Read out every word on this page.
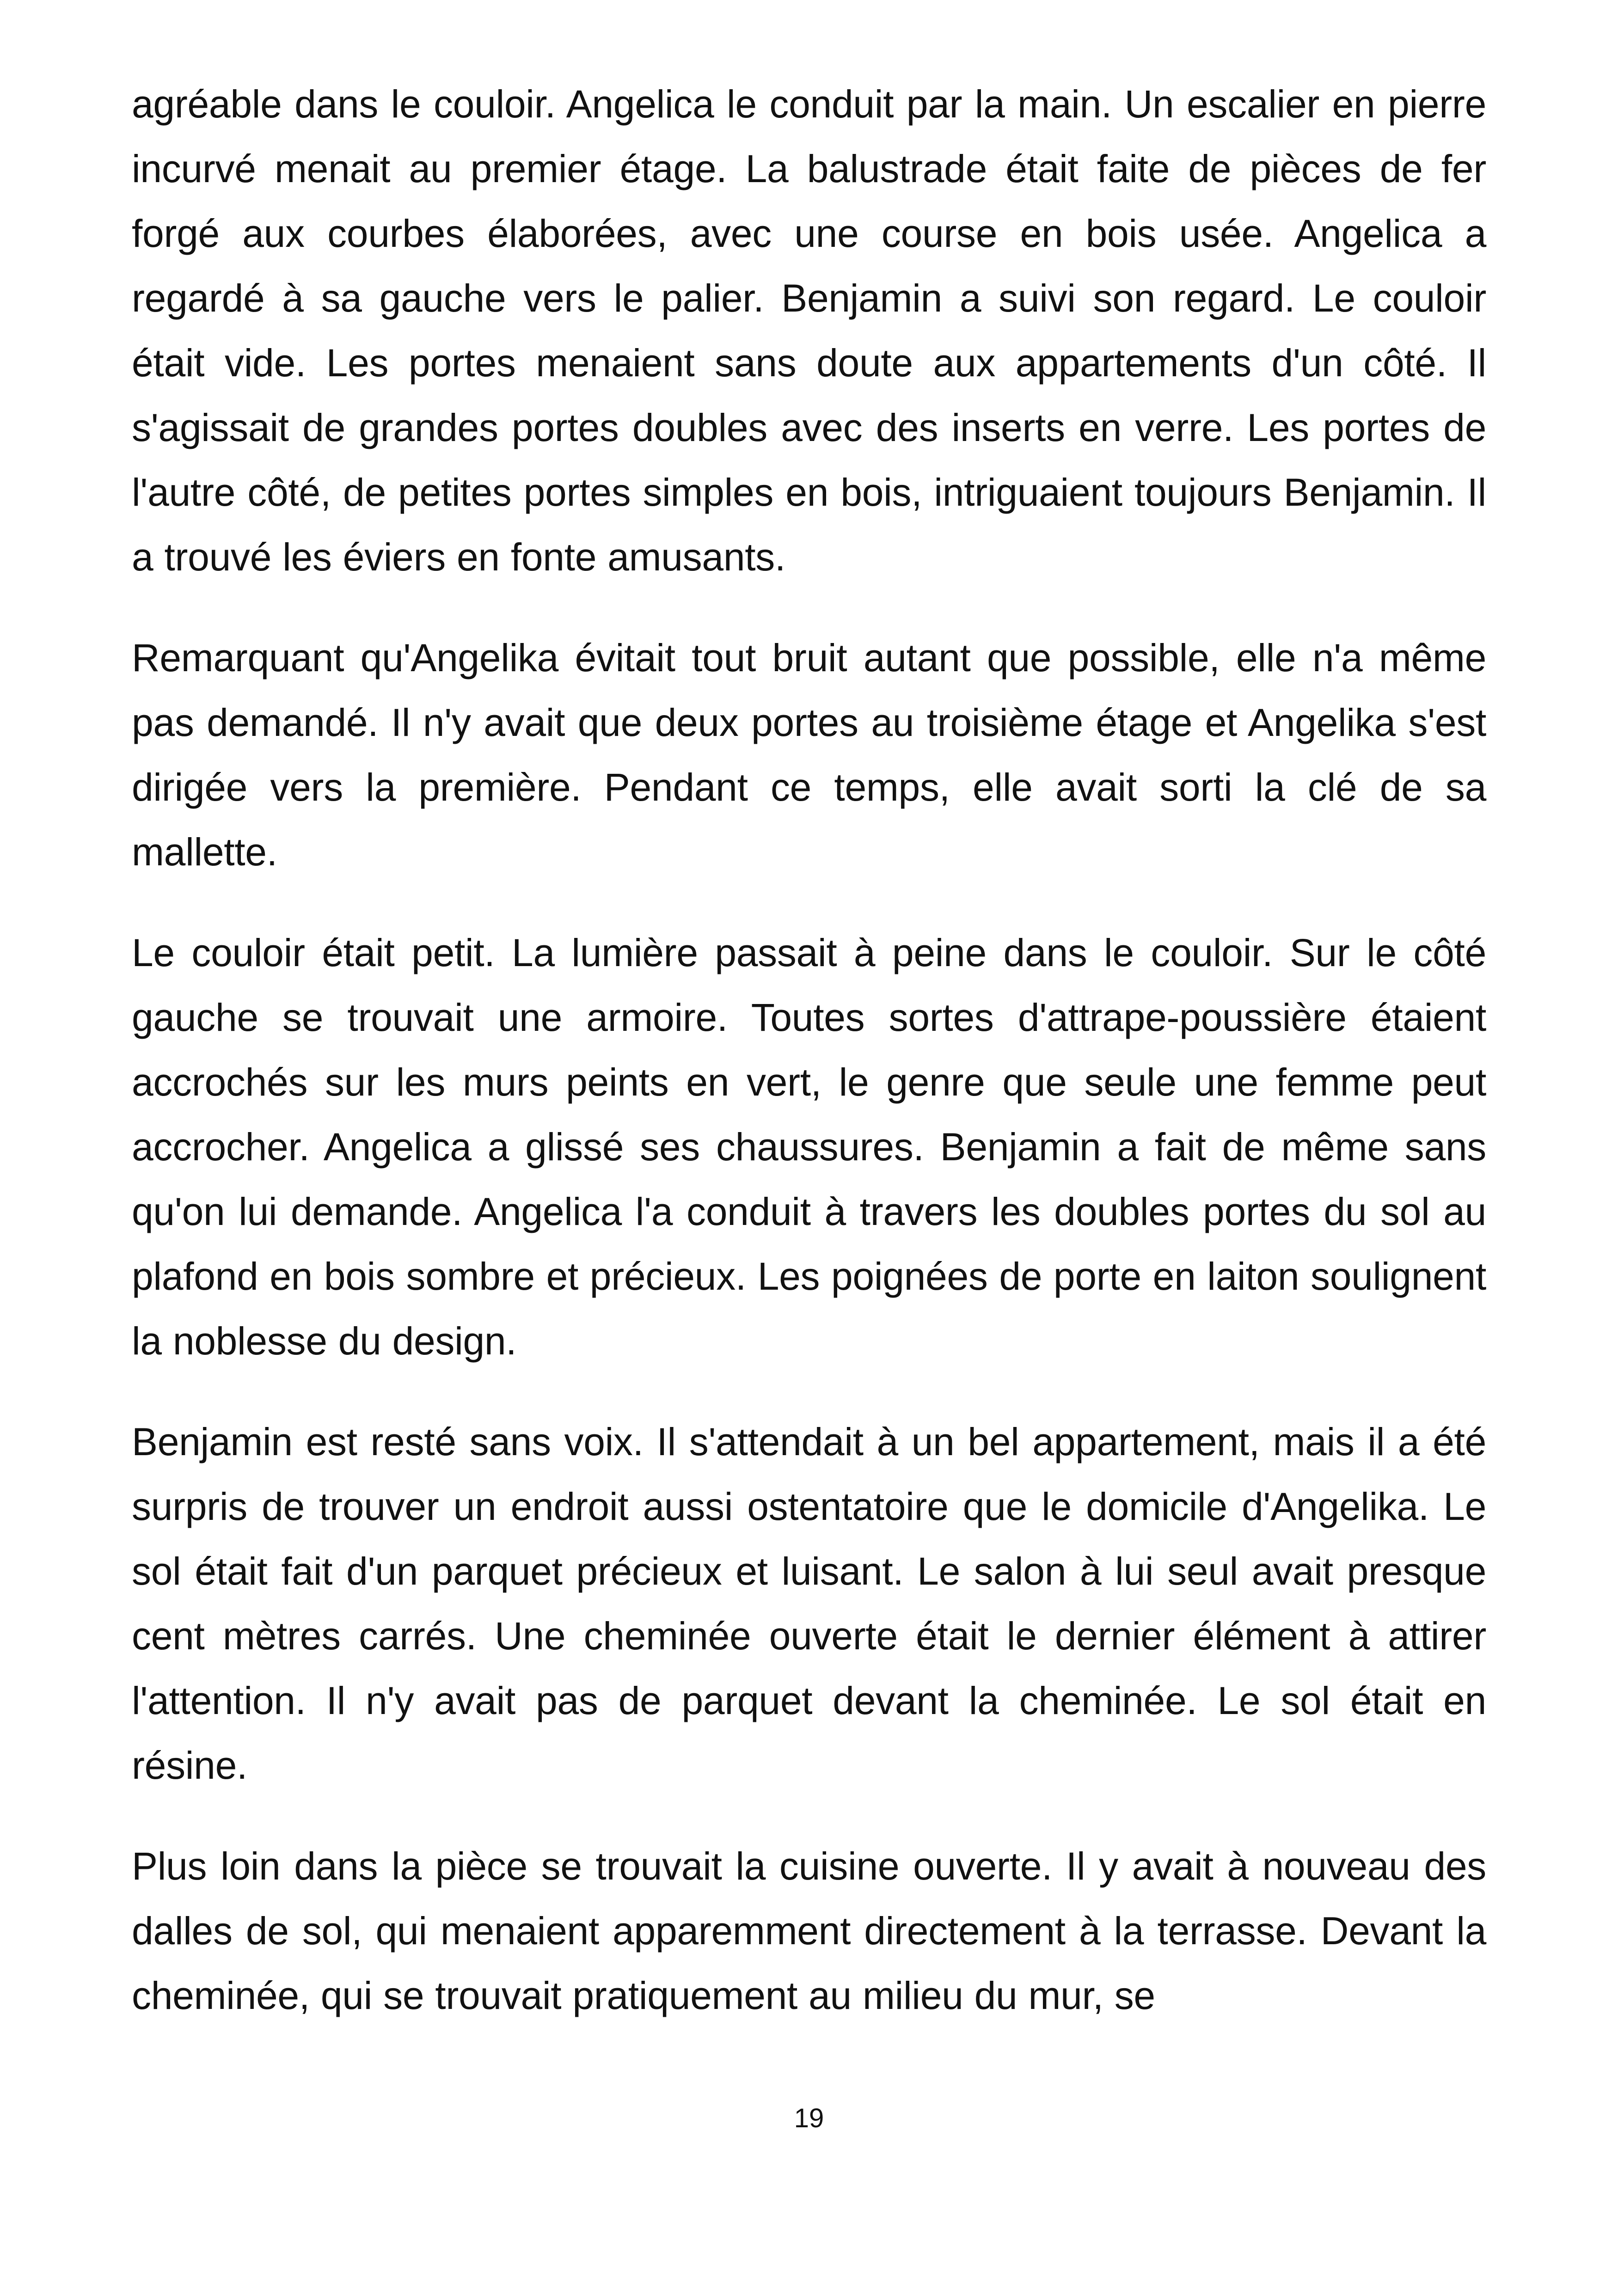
agréable dans le couloir. Angelica le conduit par la main. Un escalier en pierre incurvé menait au premier étage. La balustrade était faite de pièces de fer forgé aux courbes élaborées, avec une course en bois usée. Angelica a regardé à sa gauche vers le palier. Benjamin a suivi son regard. Le couloir était vide. Les portes menaient sans doute aux appartements d'un côté. Il s'agissait de grandes portes doubles avec des inserts en verre. Les portes de l'autre côté, de petites portes simples en bois, intriguaient toujours Benjamin. Il a trouvé les éviers en fonte amusants.

Remarquant qu'Angelika évitait tout bruit autant que possible, elle n'a même pas demandé. Il n'y avait que deux portes au troisième étage et Angelika s'est dirigée vers la première. Pendant ce temps, elle avait sorti la clé de sa mallette.

Le couloir était petit. La lumière passait à peine dans le couloir. Sur le côté gauche se trouvait une armoire. Toutes sortes d'attrape-poussière étaient accrochés sur les murs peints en vert, le genre que seule une femme peut accrocher. Angelica a glissé ses chaussures. Benjamin a fait de même sans qu'on lui demande. Angelica l'a conduit à travers les doubles portes du sol au plafond en bois sombre et précieux. Les poignées de porte en laiton soulignent la noblesse du design.

Benjamin est resté sans voix. Il s'attendait à un bel appartement, mais il a été surpris de trouver un endroit aussi ostentatoire que le domicile d'Angelika. Le sol était fait d'un parquet précieux et luisant. Le salon à lui seul avait presque cent mètres carrés. Une cheminée ouverte était le dernier élément à attirer l'attention. Il n'y avait pas de parquet devant la cheminée. Le sol était en résine.

Plus loin dans la pièce se trouvait la cuisine ouverte. Il y avait à nouveau des dalles de sol, qui menaient apparemment directement à la terrasse. Devant la cheminée, qui se trouvait pratiquement au milieu du mur, se

19
